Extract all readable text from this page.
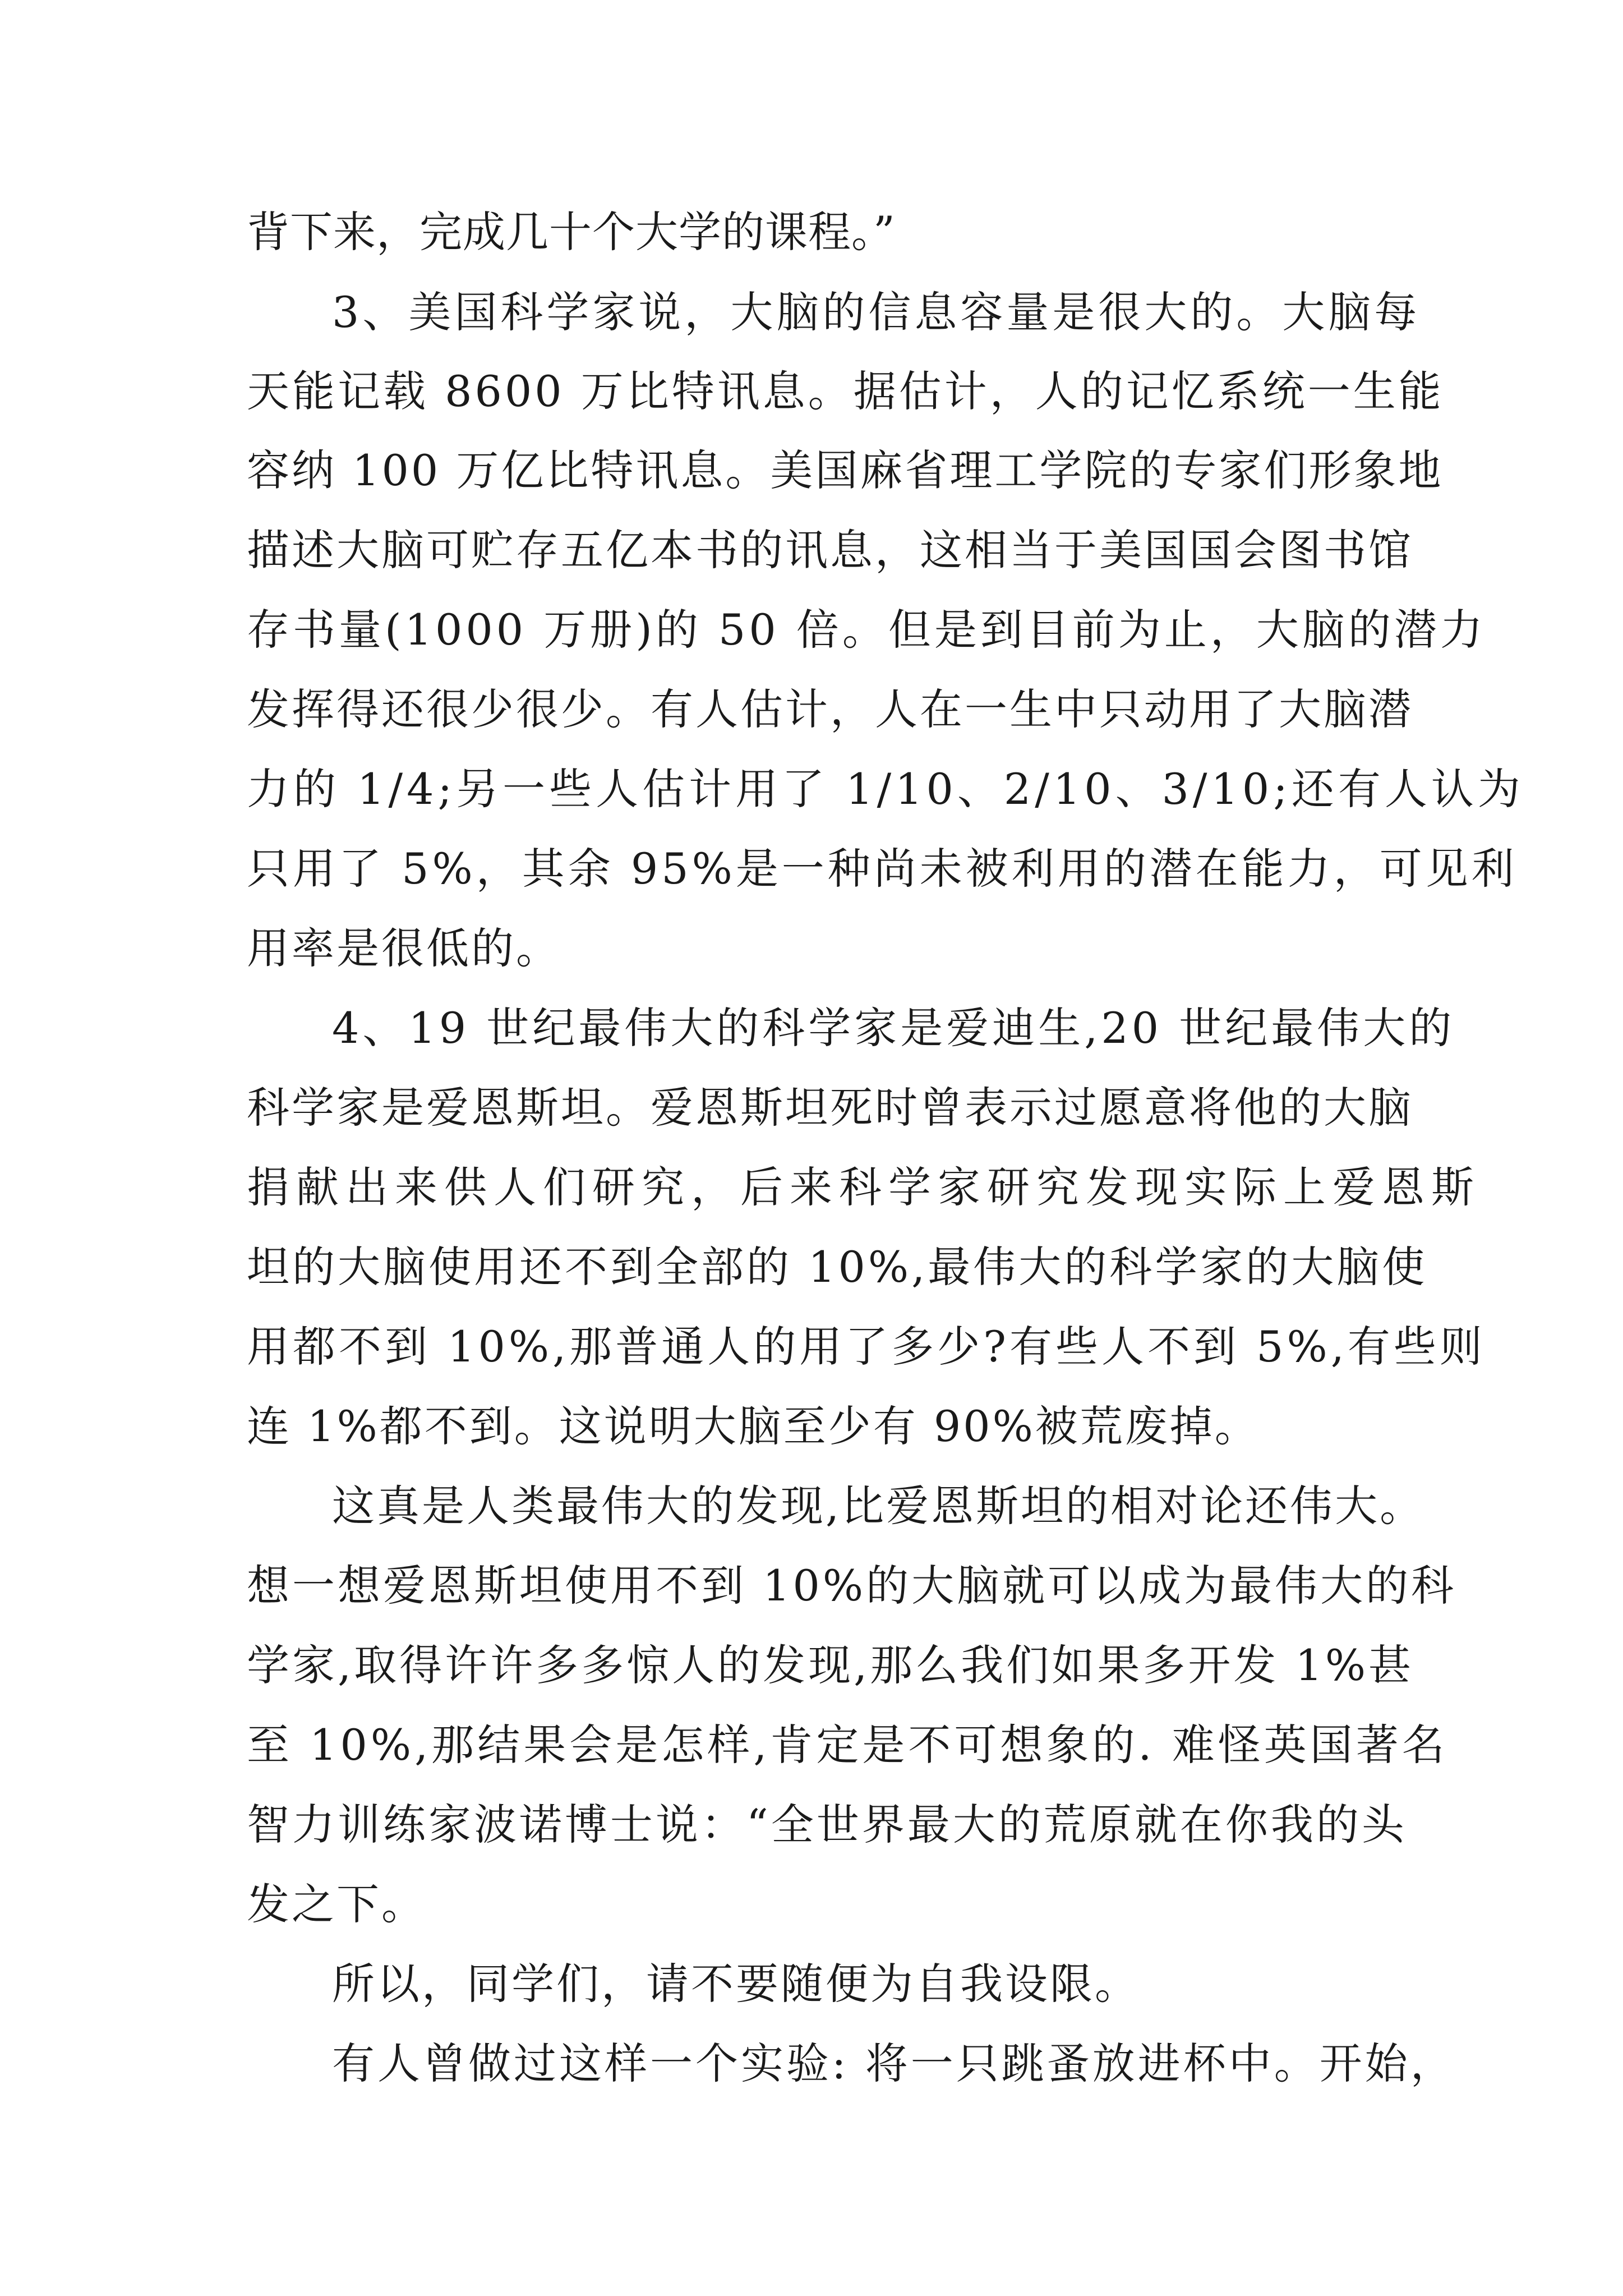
背下来，完成几十个大学的课程。”
3、美国科学家说，大脑的信息容量是很大的。大脑每
天能记载 8600 万比特讯息。据估计，人的记忆系统一生能
容纳 100 万亿比特讯息。美国麻省理工学院的专家们形象地
描述大脑可贮存五亿本书的讯息，这相当于美国国会图书馆
存书量(1000 万册)的 50 倍。但是到目前为止，大脑的潜力
发挥得还很少很少。有人估计，人在一生中只动用了大脑潜
力的 1/4;另一些人估计用了 1/10、2/10、3/10;还有人认为
只用了 5%，其余 95%是一种尚未被利用的潜在能力，可见利
用率是很低的。
4、19 世纪最伟大的科学家是爱迪生,20 世纪最伟大的
科学家是爱恩斯坦。爱恩斯坦死时曾表示过愿意将他的大脑
捐献出来供人们研究，后来科学家研究发现实际上爱恩斯
坦的大脑使用还不到全部的 10%,最伟大的科学家的大脑使
用都不到 10%,那普通人的用了多少?有些人不到 5%,有些则
连 1%都不到。这说明大脑至少有 90%被荒废掉。
这真是人类最伟大的发现,比爱恩斯坦的相对论还伟大。
想一想爱恩斯坦使用不到 10%的大脑就可以成为最伟大的科
学家,取得许许多多惊人的发现,那么我们如果多开发 1%甚
至 10%,那结果会是怎样,肯定是不可想象的. 难怪英国著名
智力训练家波诺博士说：“全世界最大的荒原就在你我的头
发之下。
所以，同学们，请不要随便为自我设限。
有人曾做过这样一个实验: 将一只跳蚤放进杯中。开始，
